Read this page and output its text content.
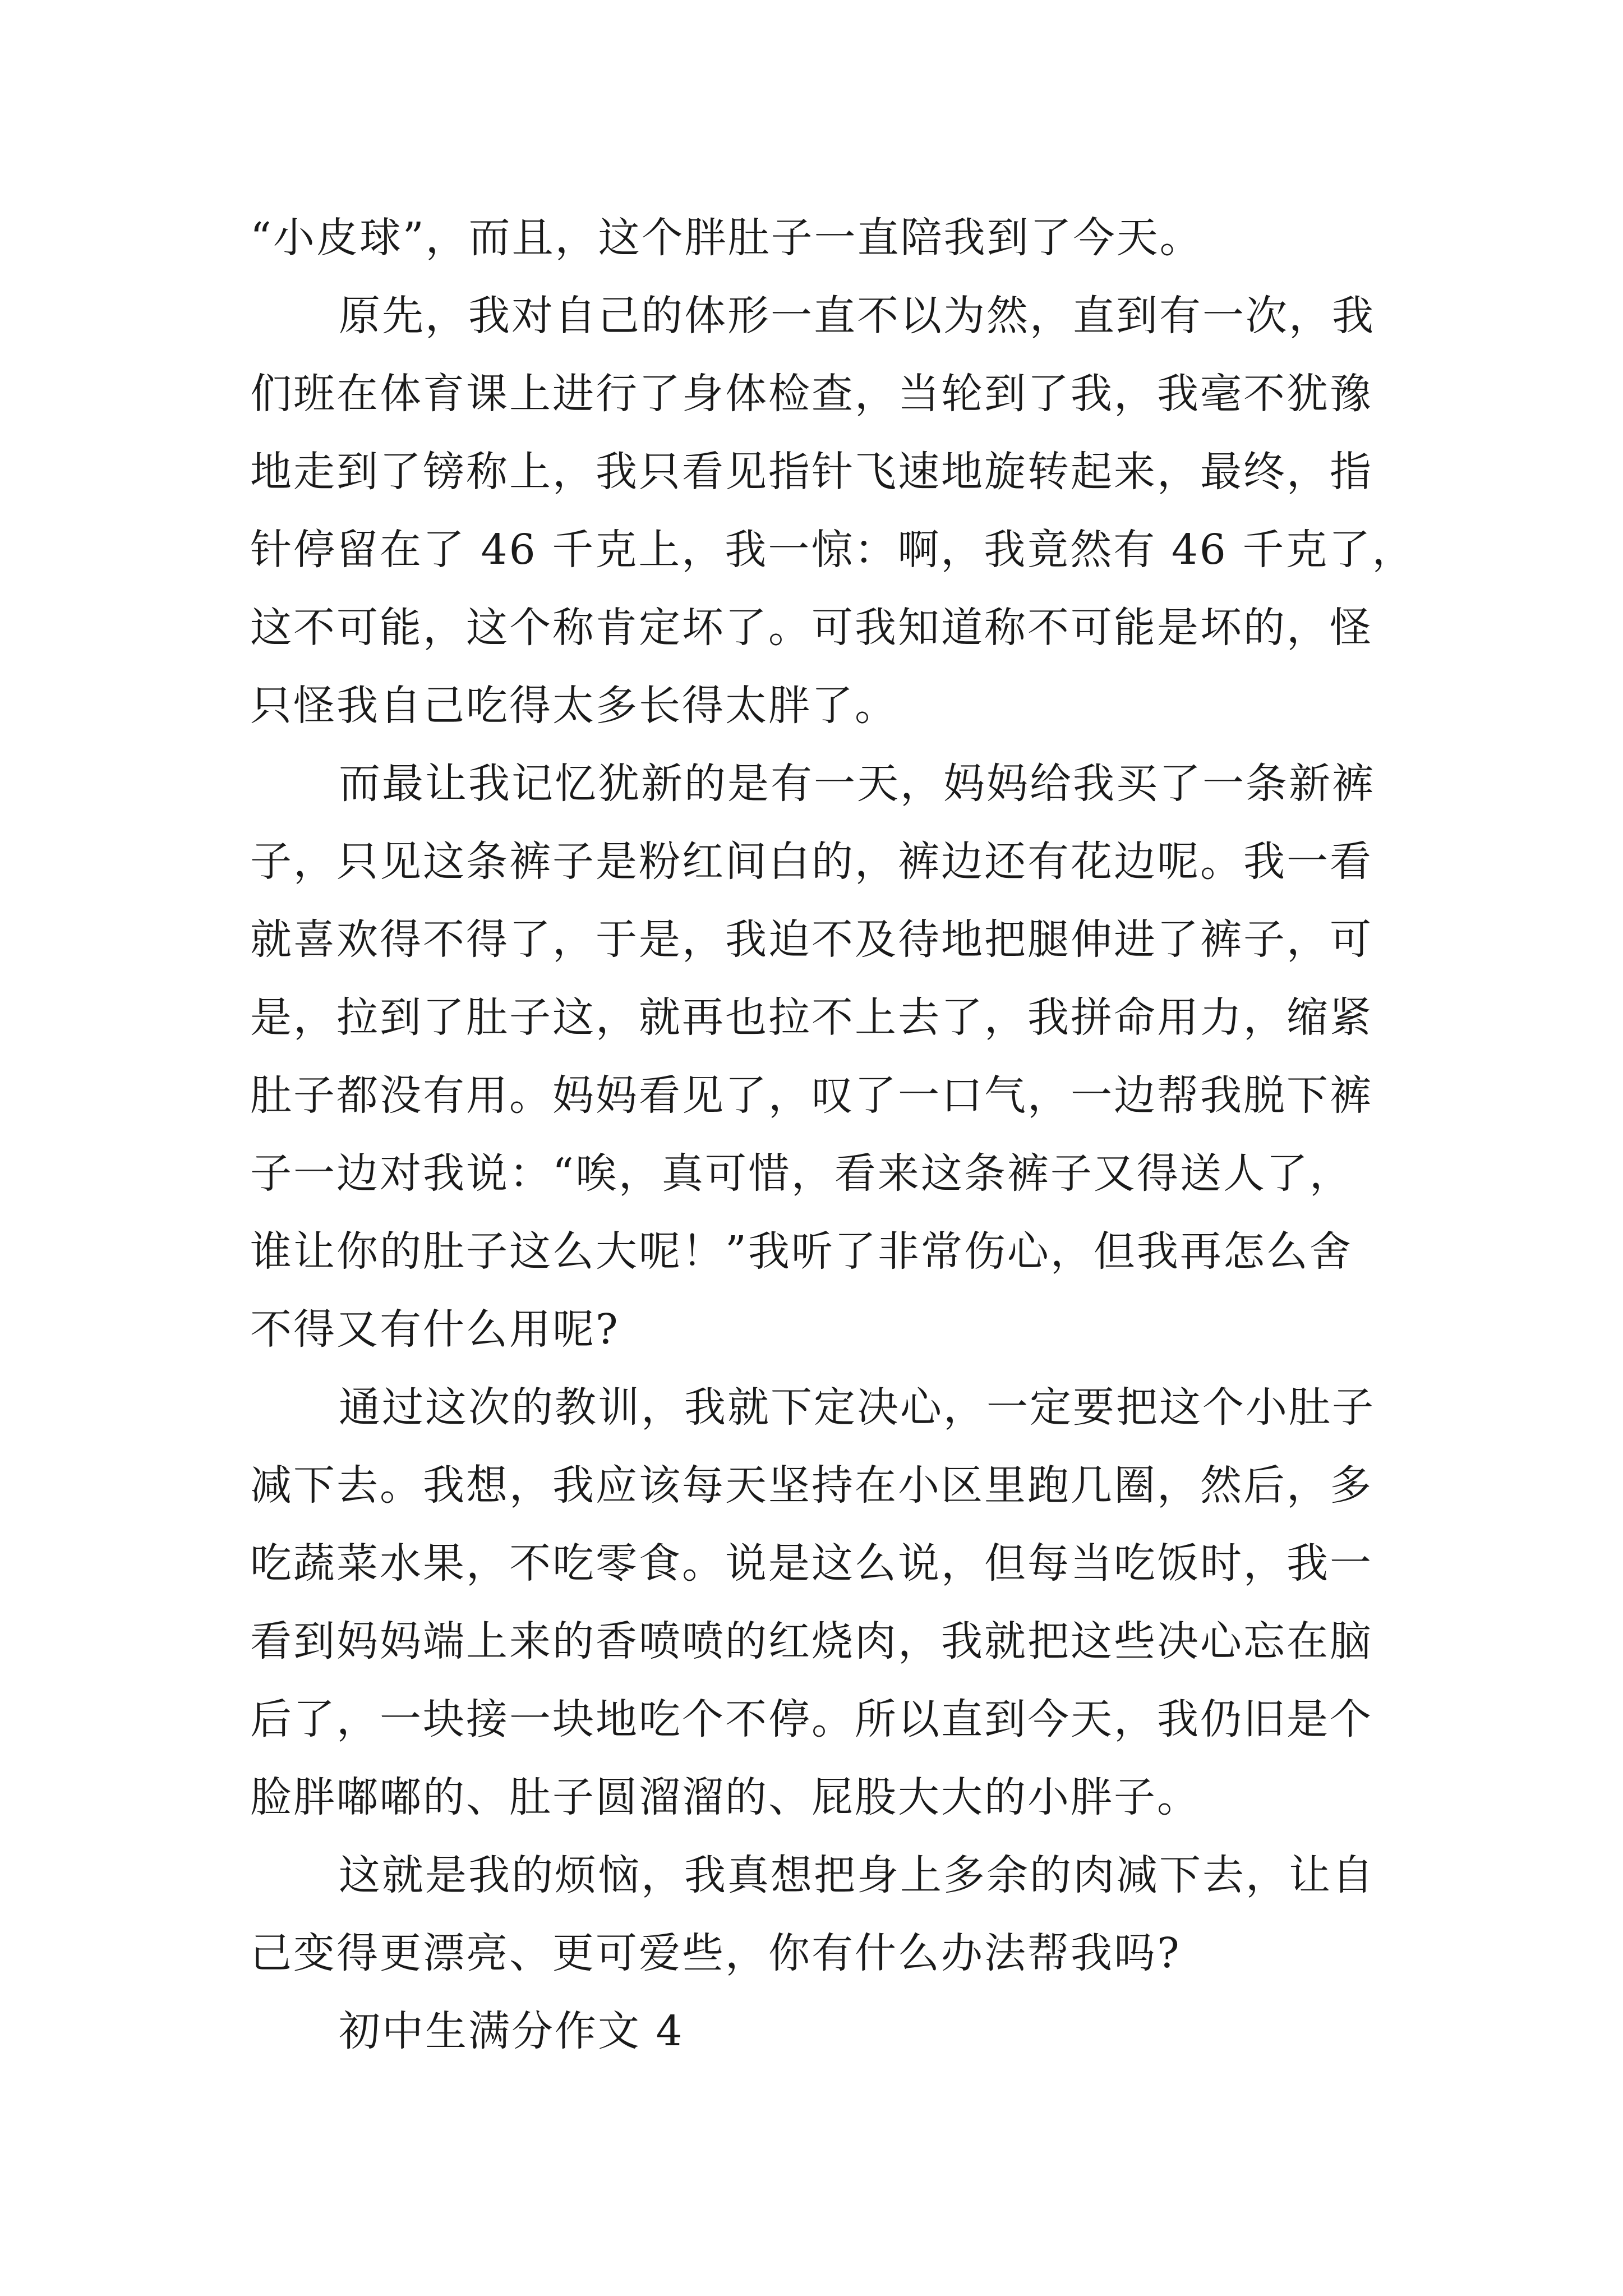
“小皮球”，而且，这个胖肚子一直陪我到了今天。
原先，我对自己的体形一直不以为然，直到有一次，我
们班在体育课上进行了身体检查，当轮到了我，我毫不犹豫
地走到了镑称上，我只看见指针飞速地旋转起来，最终，指
针停留在了 46 千克上，我一惊：啊，我竟然有 46 千克了，
这不可能，这个称肯定坏了。可我知道称不可能是坏的，怪
只怪我自己吃得太多长得太胖了。
而最让我记忆犹新的是有一天，妈妈给我买了一条新裤
子，只见这条裤子是粉红间白的，裤边还有花边呢。我一看
就喜欢得不得了，于是，我迫不及待地把腿伸进了裤子，可
是，拉到了肚子这，就再也拉不上去了，我拼命用力，缩紧
肚子都没有用。妈妈看见了，叹了一口气，一边帮我脱下裤
子一边对我说：“唉，真可惜，看来这条裤子又得送人了，
谁让你的肚子这么大呢！”我听了非常伤心，但我再怎么舍
不得又有什么用呢?
通过这次的教训，我就下定决心，一定要把这个小肚子
减下去。我想，我应该每天坚持在小区里跑几圈，然后，多
吃蔬菜水果，不吃零食。说是这么说，但每当吃饭时，我一
看到妈妈端上来的香喷喷的红烧肉，我就把这些决心忘在脑
后了，一块接一块地吃个不停。所以直到今天，我仍旧是个
脸胖嘟嘟的、肚子圆溜溜的、屁股大大的小胖子。
这就是我的烦恼，我真想把身上多余的肉减下去，让自
己变得更漂亮、更可爱些，你有什么办法帮我吗?
初中生满分作文 4
